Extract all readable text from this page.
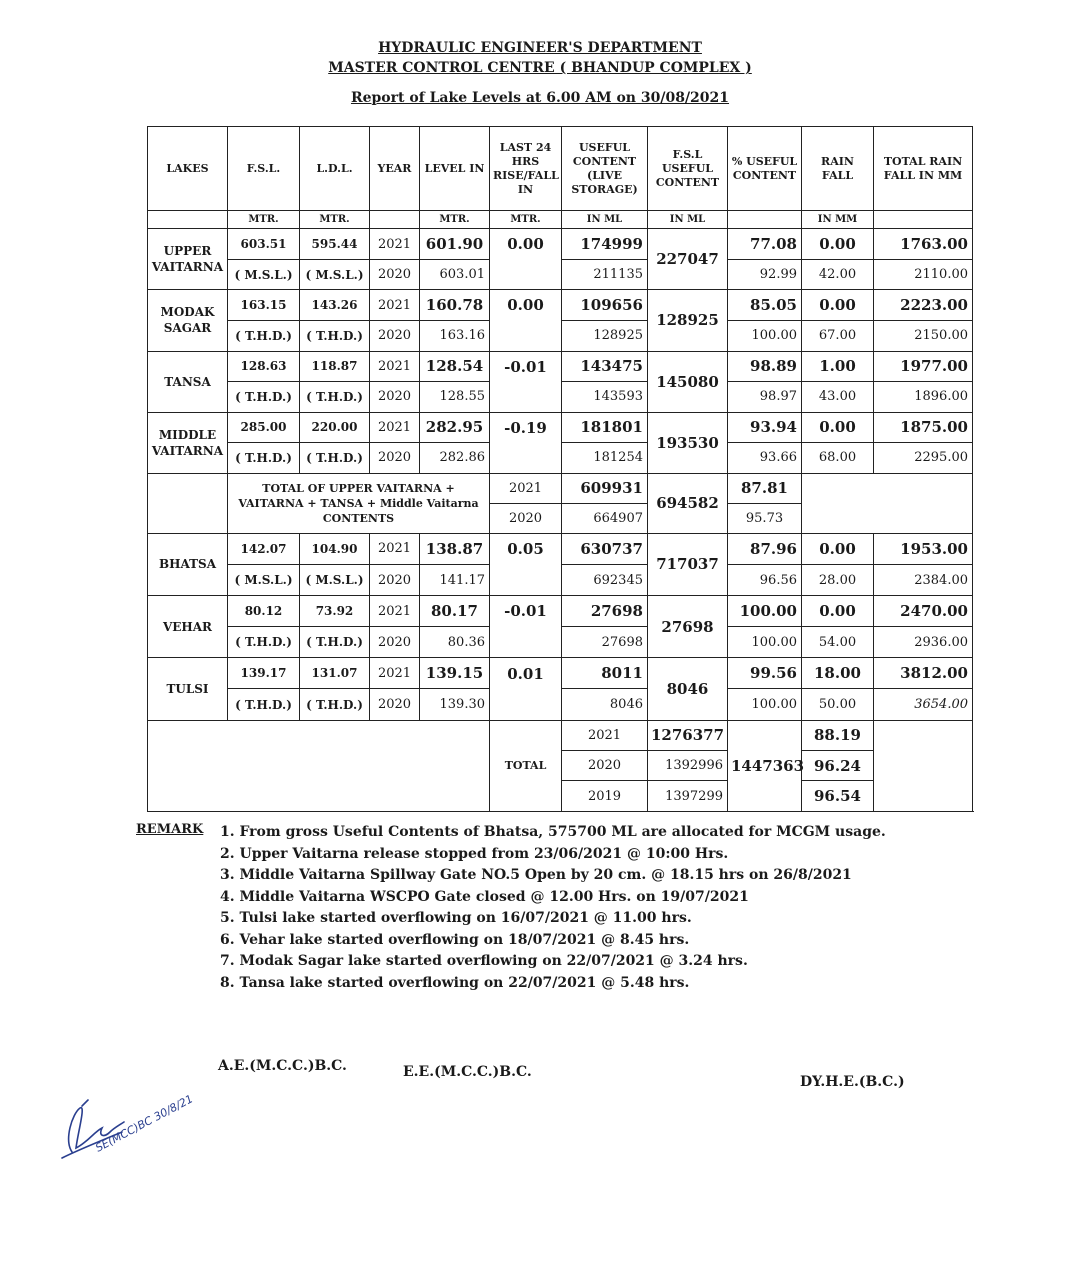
HYDRAULIC ENGINEER'S DEPARTMENT
MASTER CONTROL CENTRE ( BHANDUP COMPLEX )
Report of Lake Levels at 6.00 AM on 30/08/2021
LAKES	F.S.L.	L.D.L.	YEAR	LEVEL IN	LAST 24 HRS RISE/FALL IN	USEFUL CONTENT (LIVE STORAGE)	F.S.L USEFUL CONTENT	% USEFUL CONTENT	RAIN FALL	TOTAL RAIN FALL IN MM
	MTR.	MTR.		MTR.	MTR.	IN ML	IN ML		IN MM	
UPPER VAITARNA	603.51	595.44	2021	601.90	0.00	174999	227047	77.08	0.00	1763.00
	( M.S.L.)	( M.S.L.)	2020	603.01		211135		92.99	42.00	2110.00
MODAK SAGAR	163.15	143.26	2021	160.78	0.00	109656	128925	85.05	0.00	2223.00
	( T.H.D.)	( T.H.D.)	2020	163.16		128925		100.00	67.00	2150.00
TANSA	128.63	118.87	2021	128.54	-0.01	143475	145080	98.89	1.00	1977.00
	( T.H.D.)	( T.H.D.)	2020	128.55		143593		98.97	43.00	1896.00
MIDDLE VAITARNA	285.00	220.00	2021	282.95	-0.19	181801	193530	93.94	0.00	1875.00
	( T.H.D.)	( T.H.D.)	2020	282.86		181254		93.66	68.00	2295.00
	TOTAL OF UPPER VAITARNA + VAITARNA + TANSA + Middle Vaitarna CONTENTS				2021	609931	694582	87.81		
					2020	664907		95.73		
BHATSA	142.07	104.90	2021	138.87	0.05	630737	717037	87.96	0.00	1953.00
	( M.S.L.)	( M.S.L.)	2020	141.17		692345		96.56	28.00	2384.00
VEHAR	80.12	73.92	2021	80.17	-0.01	27698	27698	100.00	0.00	2470.00
	( T.H.D.)	( T.H.D.)	2020	80.36		27698		100.00	54.00	2936.00
TULSI	139.17	131.07	2021	139.15	0.01	8011	8046	99.56	18.00	3812.00
	( T.H.D.)	( T.H.D.)	2020	139.30		8046		100.00	50.00	3654.00
					TOTAL	2021	1276377	1447363	88.19	
						2020	1392996		96.24	
						2019	1397299		96.54	
REMARK 1. From gross Useful Contents of Bhatsa, 575700 ML are allocated for MCGM usage.
2. Upper Vaitarna release stopped from 23/06/2021 @ 10:00 Hrs.
3. Middle Vaitarna Spillway Gate NO.5 Open by 20 cm. @ 18.15 hrs on 26/8/2021
4. Middle Vaitarna WSCPO Gate closed @ 12.00 Hrs. on 19/07/2021
5. Tulsi lake started overflowing on 16/07/2021 @ 11.00 hrs.
6. Vehar lake started overflowing on 18/07/2021 @ 8.45 hrs.
7. Modak Sagar lake started overflowing on 22/07/2021 @ 3.24 hrs.
8. Tansa lake started overflowing on 22/07/2021 @ 5.48 hrs.
A.E.(M.C.C.)B.C.	E.E.(M.C.C.)B.C.
DY.H.E.(B.C.)
SE(MCC)BC 30/8/21
